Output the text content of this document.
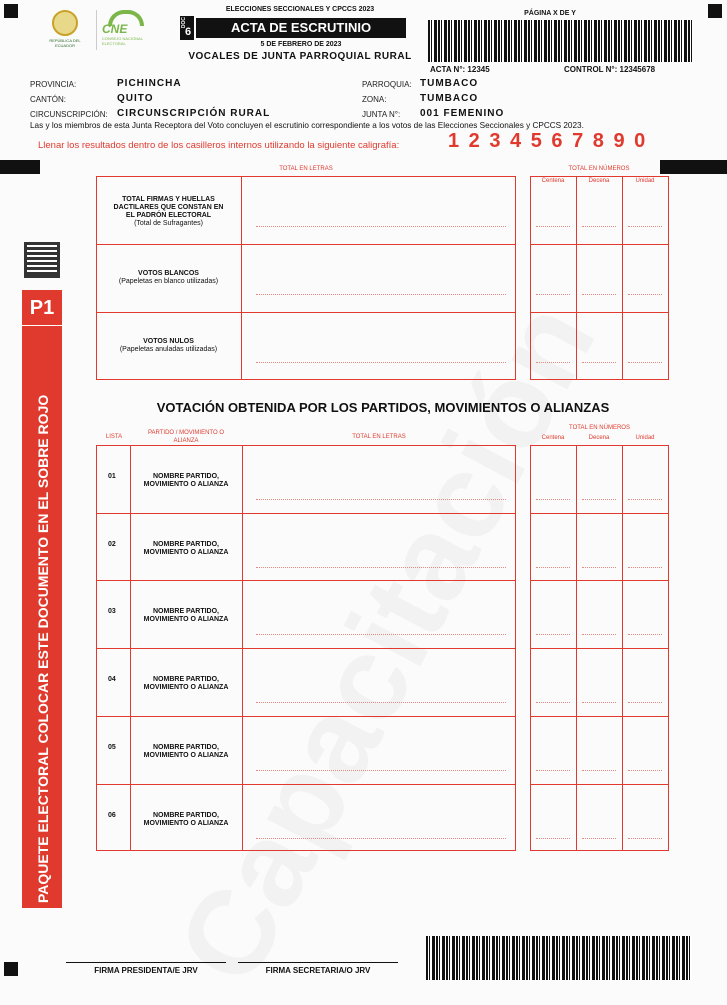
REPÚBLICA DEL ECUADOR
CNE
CONSEJO NACIONAL ELECTORAL
ELECCIONES SECCIONALES Y CPCCS 2023
DOC
6	ACTA DE ESCRUTINIO
5 DE FEBRERO DE 2023
VOCALES DE JUNTA PARROQUIAL RURAL
PÁGINA X DE Y
ACTA N°: 12345	CONTROL N°: 12345678
PROVINCIA:	PICHINCHA
CANTÓN:	QUITO
CIRCUNSCRIPCIÓN: CIRCUNSCRIPCIÓN RURAL
PARROQUIA: TUMBACO
ZONA:	TUMBACO
JUNTA N°: 001 FEMENINO
Las y los miembros de esta Junta Receptora del Voto concluyen el escrutinio correspondiente a los votos de las Elecciones Seccionales y CPCCS 2023.
Llenar los resultados dentro de los casilleros internos utilizando la siguiente caligrafía: 1 2 3 4 5 6 7 8 9 0
P1
PAQUETE ELECTORAL COLOCAR ESTE DOCUMENTO EN EL SOBRE ROJO
TOTAL EN LETRAS	TOTAL EN NÚMEROS
Centena	Decena	Unidad
TOTAL FIRMAS Y HUELLAS
DACTILARES QUE CONSTAN EN
EL PADRÓN ELECTORAL
(Total de Sufragantes)
VOTOS BLANCOS
(Papeletas en blanco utilizadas)
VOTOS NULOS
(Papeletas anuladas utilizadas)
VOTACIÓN OBTENIDA POR LOS PARTIDOS, MOVIMIENTOS O ALIANZAS
LISTA
PARTIDO / MOVIMIENTO O ALIANZA
TOTAL EN LETRAS
TOTAL EN NÚMEROS
Centena	Decena	Unidad
01	NOMBRE PARTIDO,
MOVIMIENTO O ALIANZA
02	NOMBRE PARTIDO,
MOVIMIENTO O ALIANZA
03	NOMBRE PARTIDO,
MOVIMIENTO O ALIANZA
04	NOMBRE PARTIDO,
MOVIMIENTO O ALIANZA
05	NOMBRE PARTIDO,
MOVIMIENTO O ALIANZA
06	NOMBRE PARTIDO,
MOVIMIENTO O ALIANZA
FIRMA PRESIDENTA/E JRV	FIRMA SECRETARIA/O JRV
